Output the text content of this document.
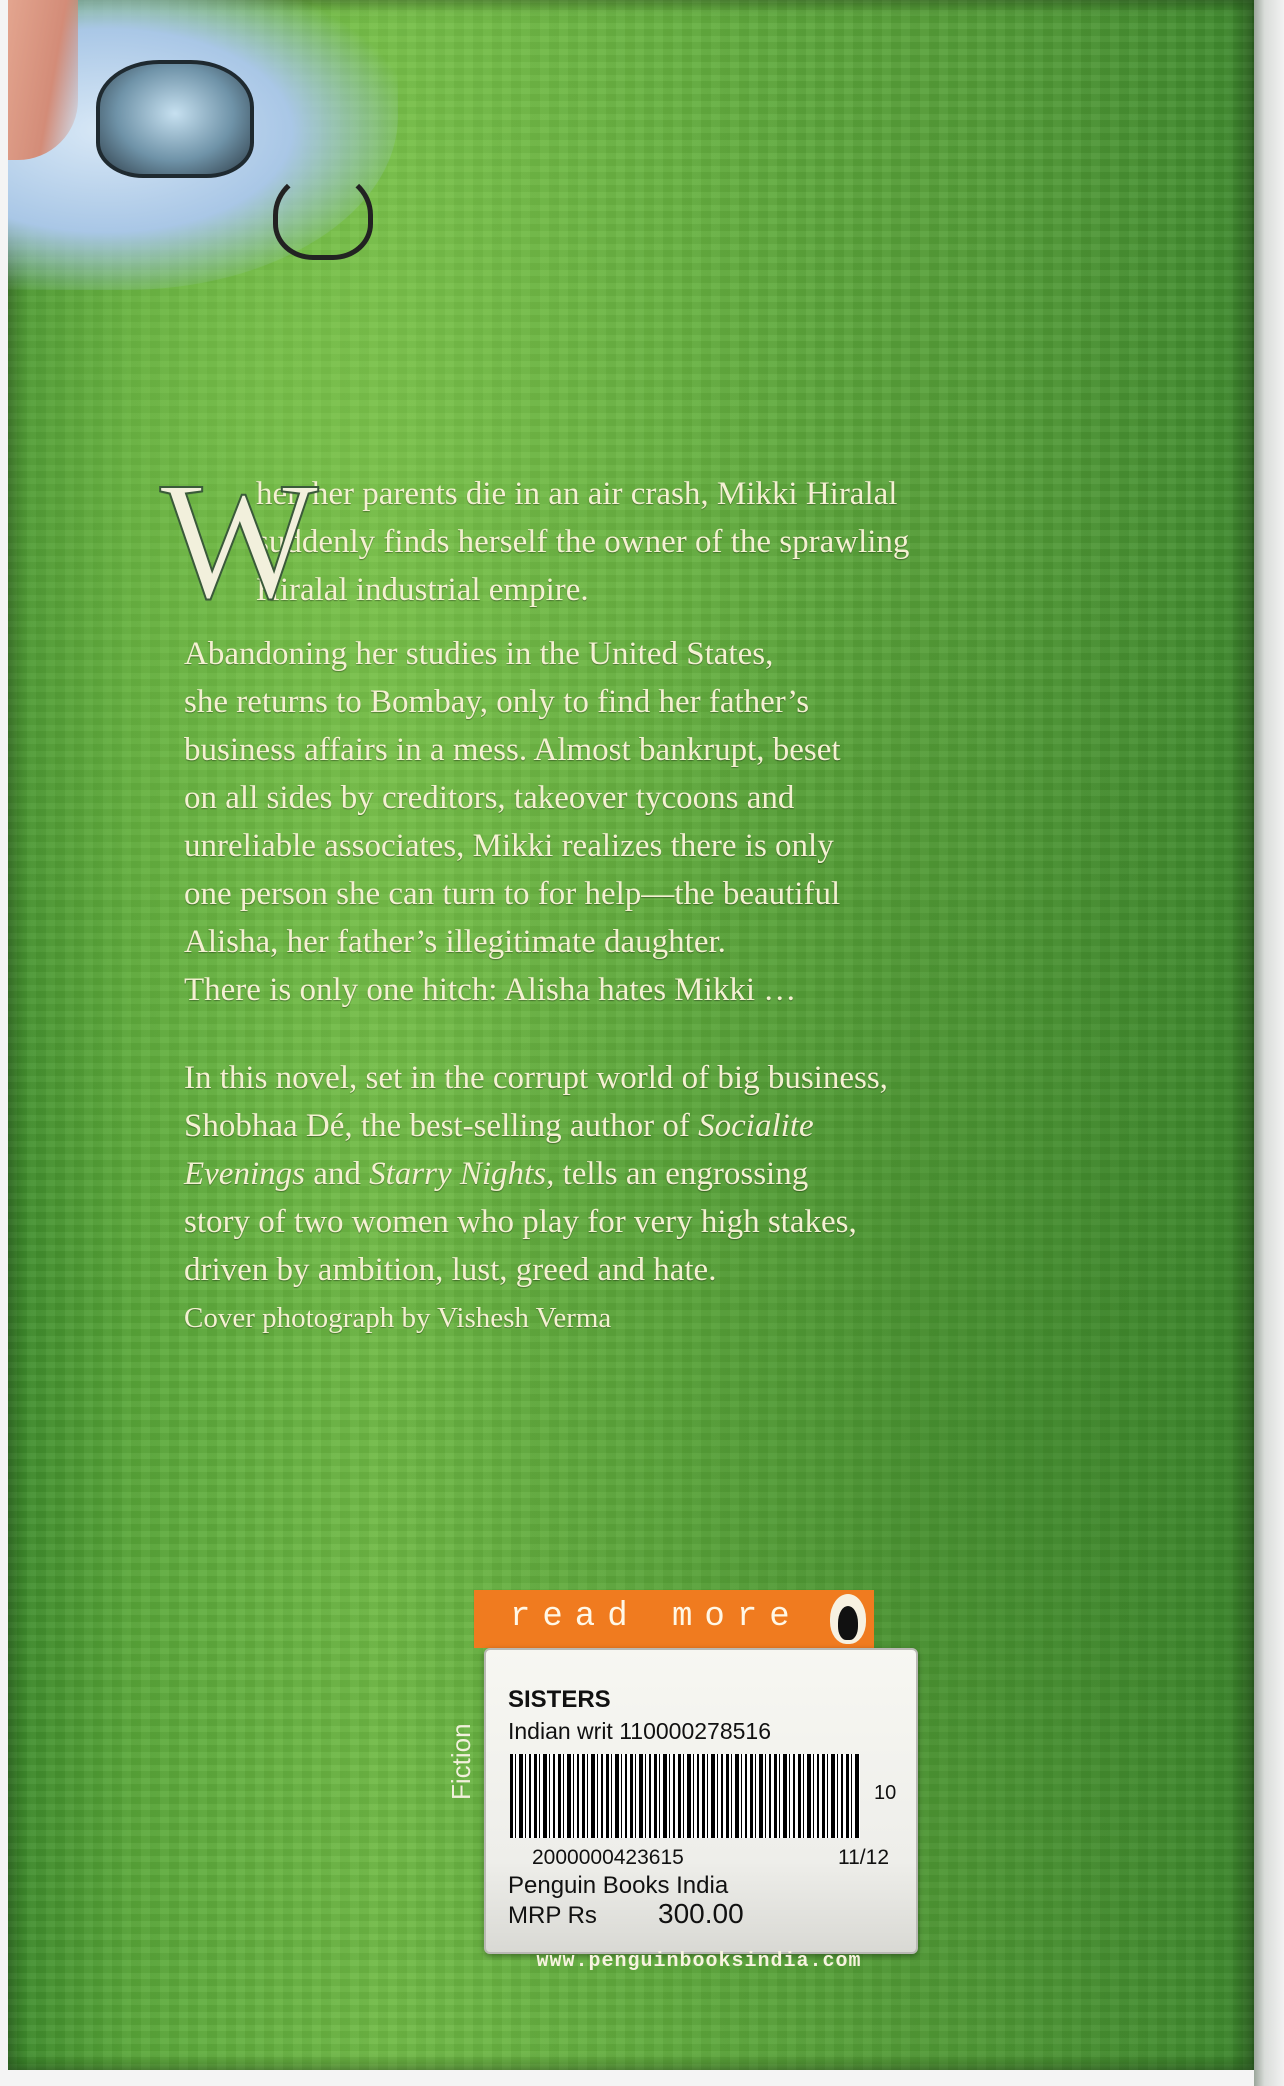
W
hen her parents die in an air crash, Mikki Hiralal
suddenly finds herself the owner of the sprawling
Hiralal industrial empire.

Abandoning her studies in the United States,
she returns to Bombay, only to find her father’s
business affairs in a mess. Almost bankrupt, beset
on all sides by creditors, takeover tycoons and
unreliable associates, Mikki realizes there is only
one person she can turn to for help—the beautiful
Alisha, her father’s illegitimate daughter.
There is only one hitch: Alisha hates Mikki …

In this novel, set in the corrupt world of big business,
Shobhaa Dé, the best-selling author of Socialite
Evenings and Starry Nights, tells an engrossing
story of two women who play for very high stakes,
driven by ambition, lust, greed and hate.

Cover photograph by Vishesh Verma

Fiction
read more
SISTERS
Indian writ 110000278516
10
2000000423615	11/12
Penguin Books India
MRP Rs 300.00
www.penguinbooksindia.com
